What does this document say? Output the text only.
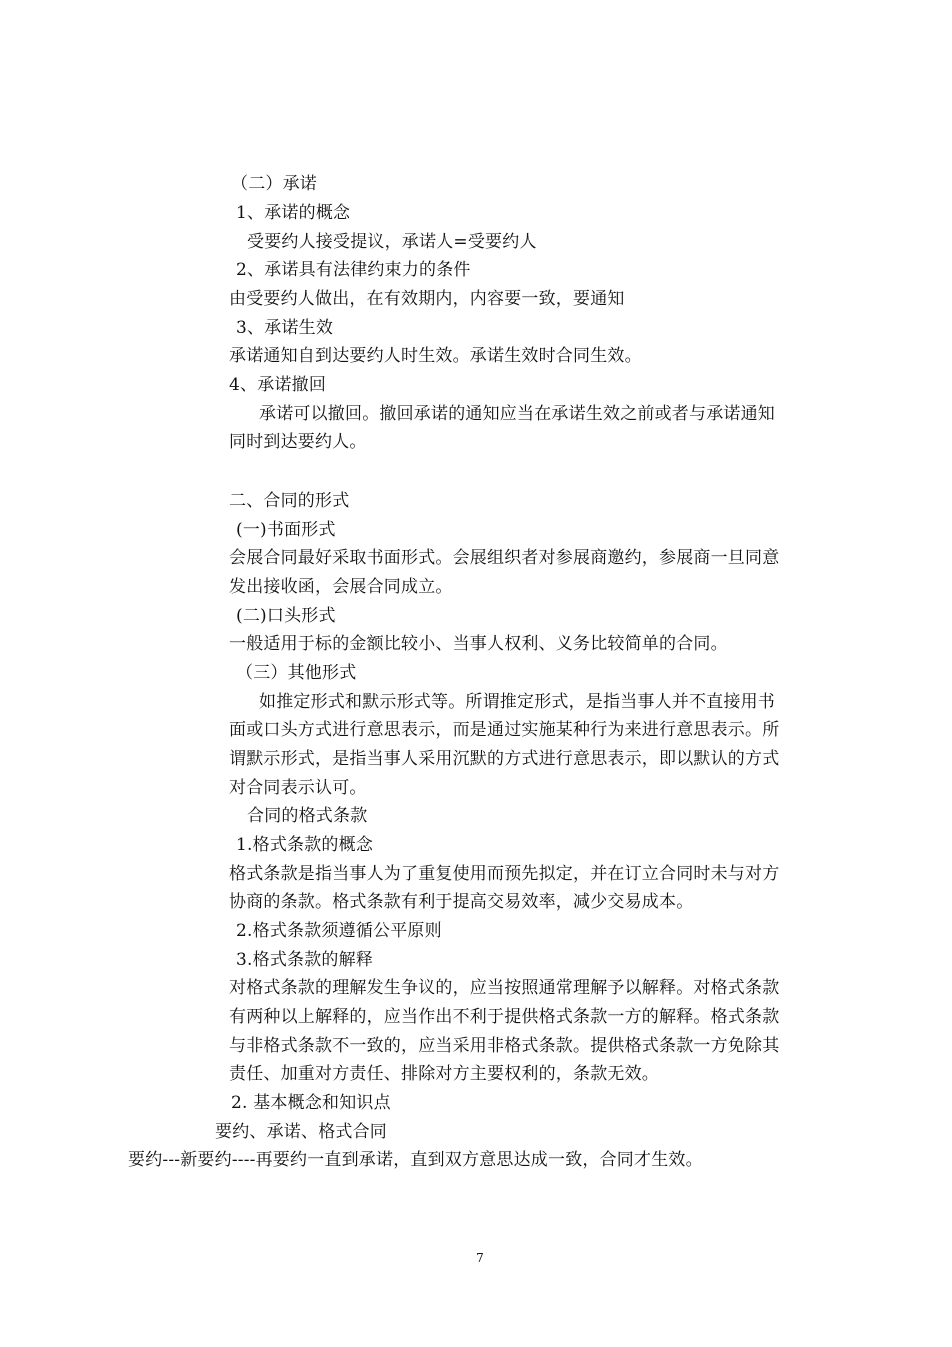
（二）承诺
1、承诺的概念
受要约人接受提议，承诺人=受要约人
2、承诺具有法律约束力的条件
由受要约人做出，在有效期内，内容要一致，要通知
3、承诺生效
承诺通知自到达要约人时生效。承诺生效时合同生效。
4、承诺撤回
承诺可以撤回。撤回承诺的通知应当在承诺生效之前或者与承诺通知
同时到达要约人。
二、合同的形式
(一)书面形式
会展合同最好采取书面形式。会展组织者对参展商邀约，参展商一旦同意
发出接收函，会展合同成立。
(二)口头形式
一般适用于标的金额比较小、当事人权利、义务比较简单的合同。
（三）其他形式
如推定形式和默示形式等。所谓推定形式，是指当事人并不直接用书
面或口头方式进行意思表示，而是通过实施某种行为来进行意思表示。所
谓默示形式，是指当事人采用沉默的方式进行意思表示，即以默认的方式
对合同表示认可。
合同的格式条款
1.格式条款的概念
格式条款是指当事人为了重复使用而预先拟定，并在订立合同时未与对方
协商的条款。格式条款有利于提高交易效率，减少交易成本。
2.格式条款须遵循公平原则
3.格式条款的解释
对格式条款的理解发生争议的，应当按照通常理解予以解释。对格式条款
有两种以上解释的，应当作出不利于提供格式条款一方的解释。格式条款
与非格式条款不一致的，应当采用非格式条款。提供格式条款一方免除其
责任、加重对方责任、排除对方主要权利的，条款无效。
2. 基本概念和知识点
要约、承诺、格式合同
要约---新要约----再要约一直到承诺，直到双方意思达成一致，合同才生效。
7
